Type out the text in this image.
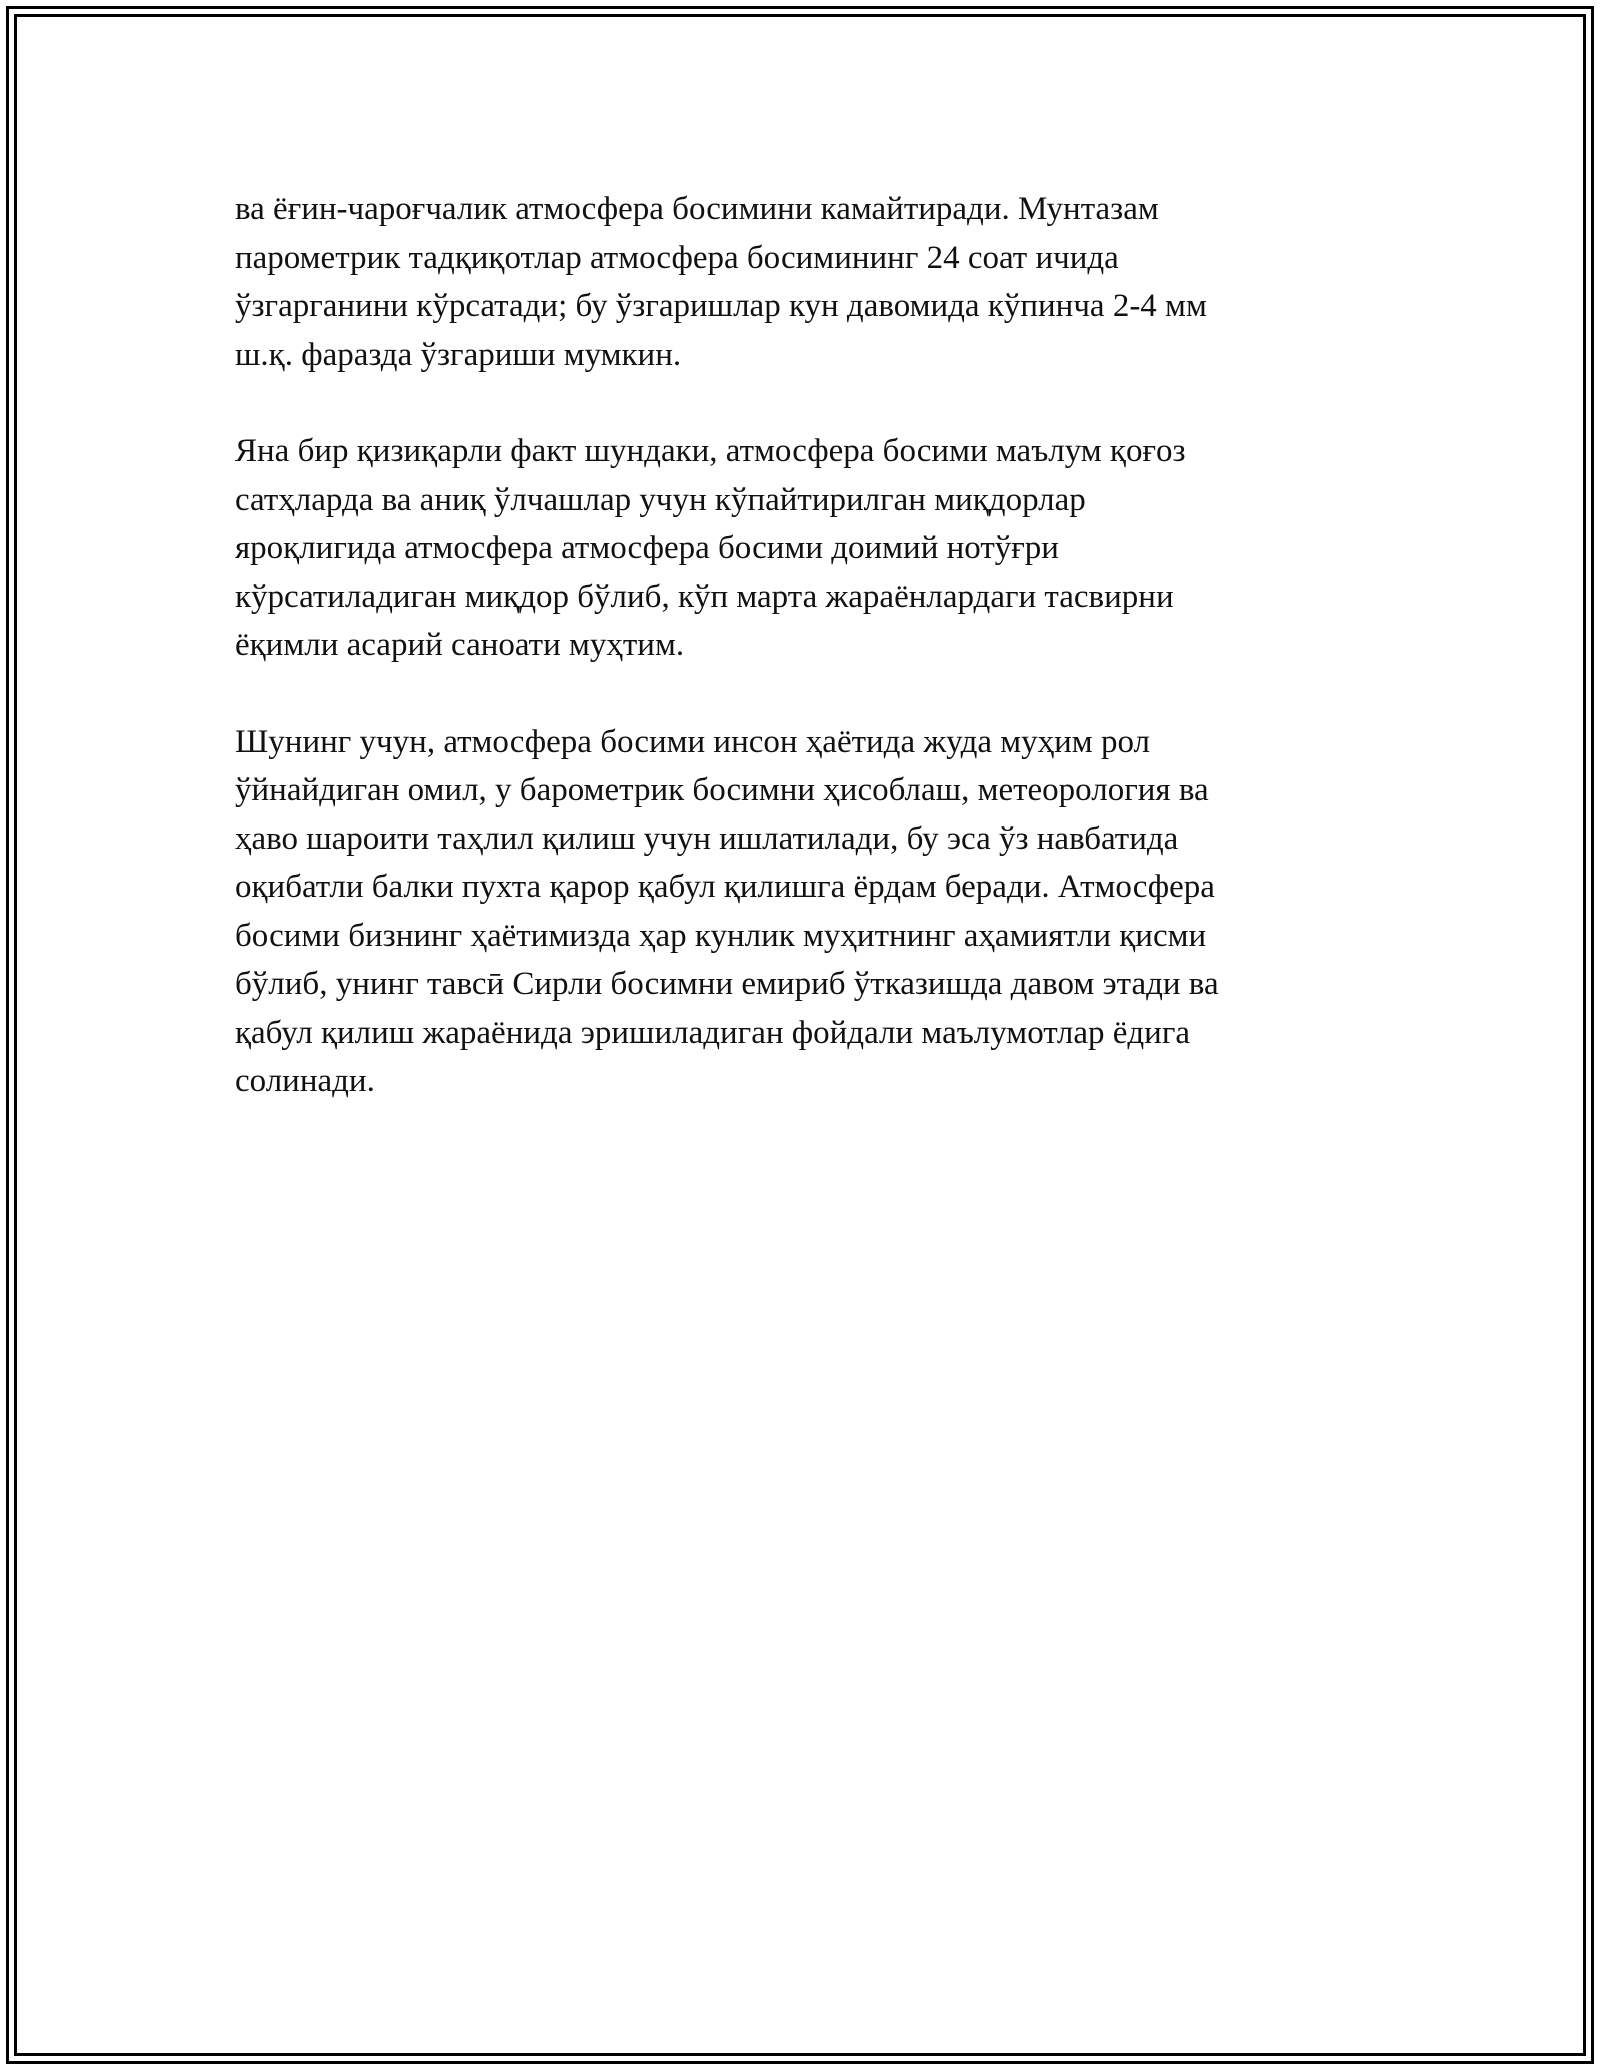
ва ёғин-чароғчалик атмосфера босимини камайтиради. Мунтазам
парометрик тадқиқотлар атмосфера босимининг 24 соат ичида
ўзгарганини кўрсатади; бу ўзгаришлар кун давомида кўпинча 2-4 мм
ш.қ. фаразда ўзгариши мумкин.

Яна бир қизиқарли факт шундаки, атмосфера босими маълум қоғоз
сатҳларда ва аниқ ўлчашлар учун кўпайтирилган миқдорлар
яроқлигида атмосфера атмосфера босими доимий нотўғри
кўрсатиладиган миқдор бўлиб, кўп марта жараёнлардаги тасвирни
ёқимли асарий саноати муҳтим.

Шунинг учун, атмосфера босими инсон ҳаётида жуда муҳим рол
ўйнайдиган омил, у барометрик босимни ҳисоблаш, метеорология ва
ҳаво шароити таҳлил қилиш учун ишлатилади, бу эса ўз навбатида
оқибатли балки пухта қарор қабул қилишга ёрдам беради. Атмосфера
босими бизнинг ҳаётимизда ҳар кунлик муҳитнинг аҳамиятли қисми
бўлиб, унинг тавсӣ Сирли босимни емириб ўтказишда давом этади ва
қабул қилиш жараёнида эришиладиган фойдали маълумотлар ёдига
солинади.
